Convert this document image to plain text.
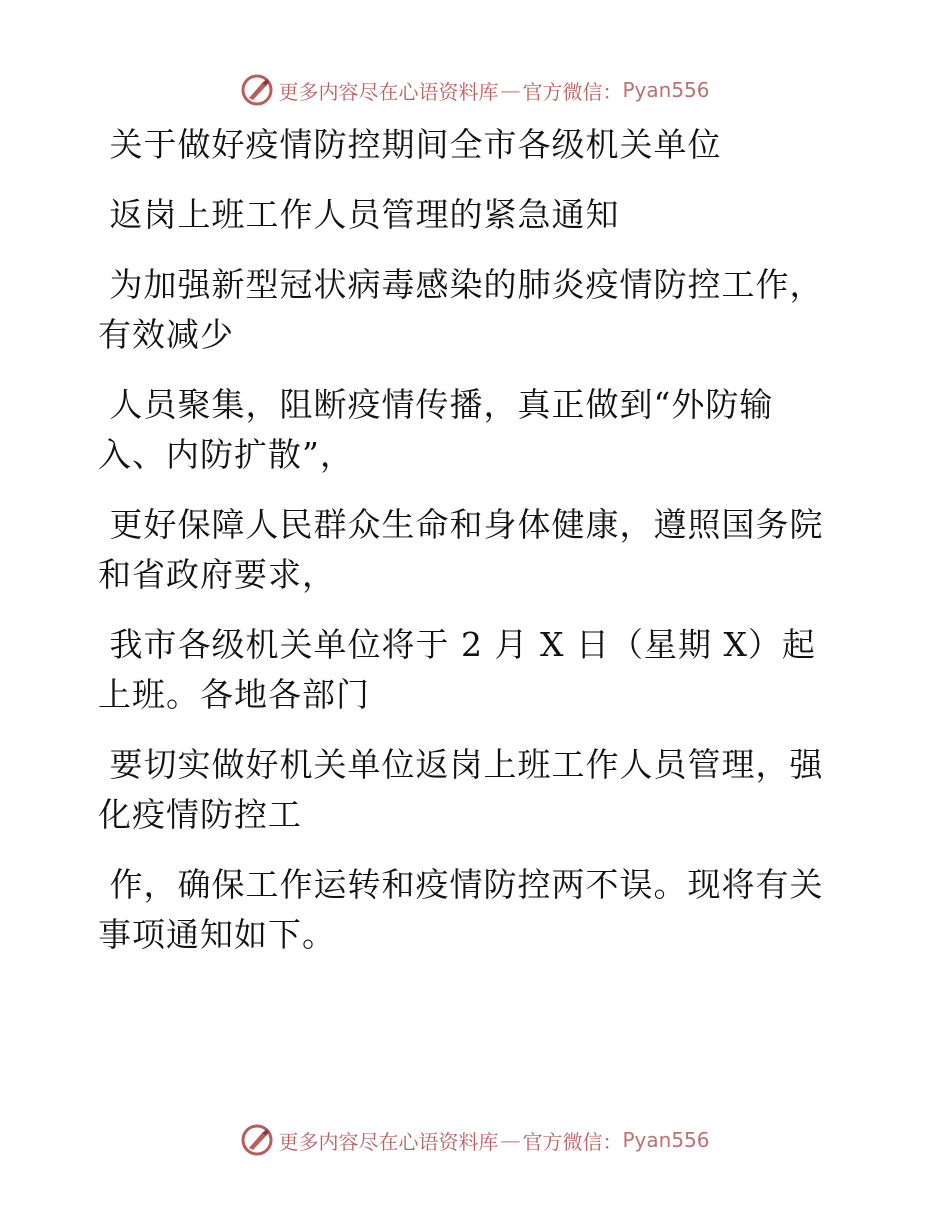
更多内容尽在心语资料库 — 官方微信： Pyan556

关于做好疫情防控期间全市各级机关单位

返岗上班工作人员管理的紧急通知

为加强新型冠状病毒感染的肺炎疫情防控工作，有效减少

人员聚集，阻断疫情传播，真正做到“外防输入、内防扩散”，

更好保障人民群众生命和身体健康，遵照国务院和省政府要求，

我市各级机关单位将于 2 月 X 日（星期 X）起上班。各地各部门

要切实做好机关单位返岗上班工作人员管理，强化疫情防控工

作，确保工作运转和疫情防控两不误。现将有关事项通知如下。

更多内容尽在心语资料库 — 官方微信： Pyan556
